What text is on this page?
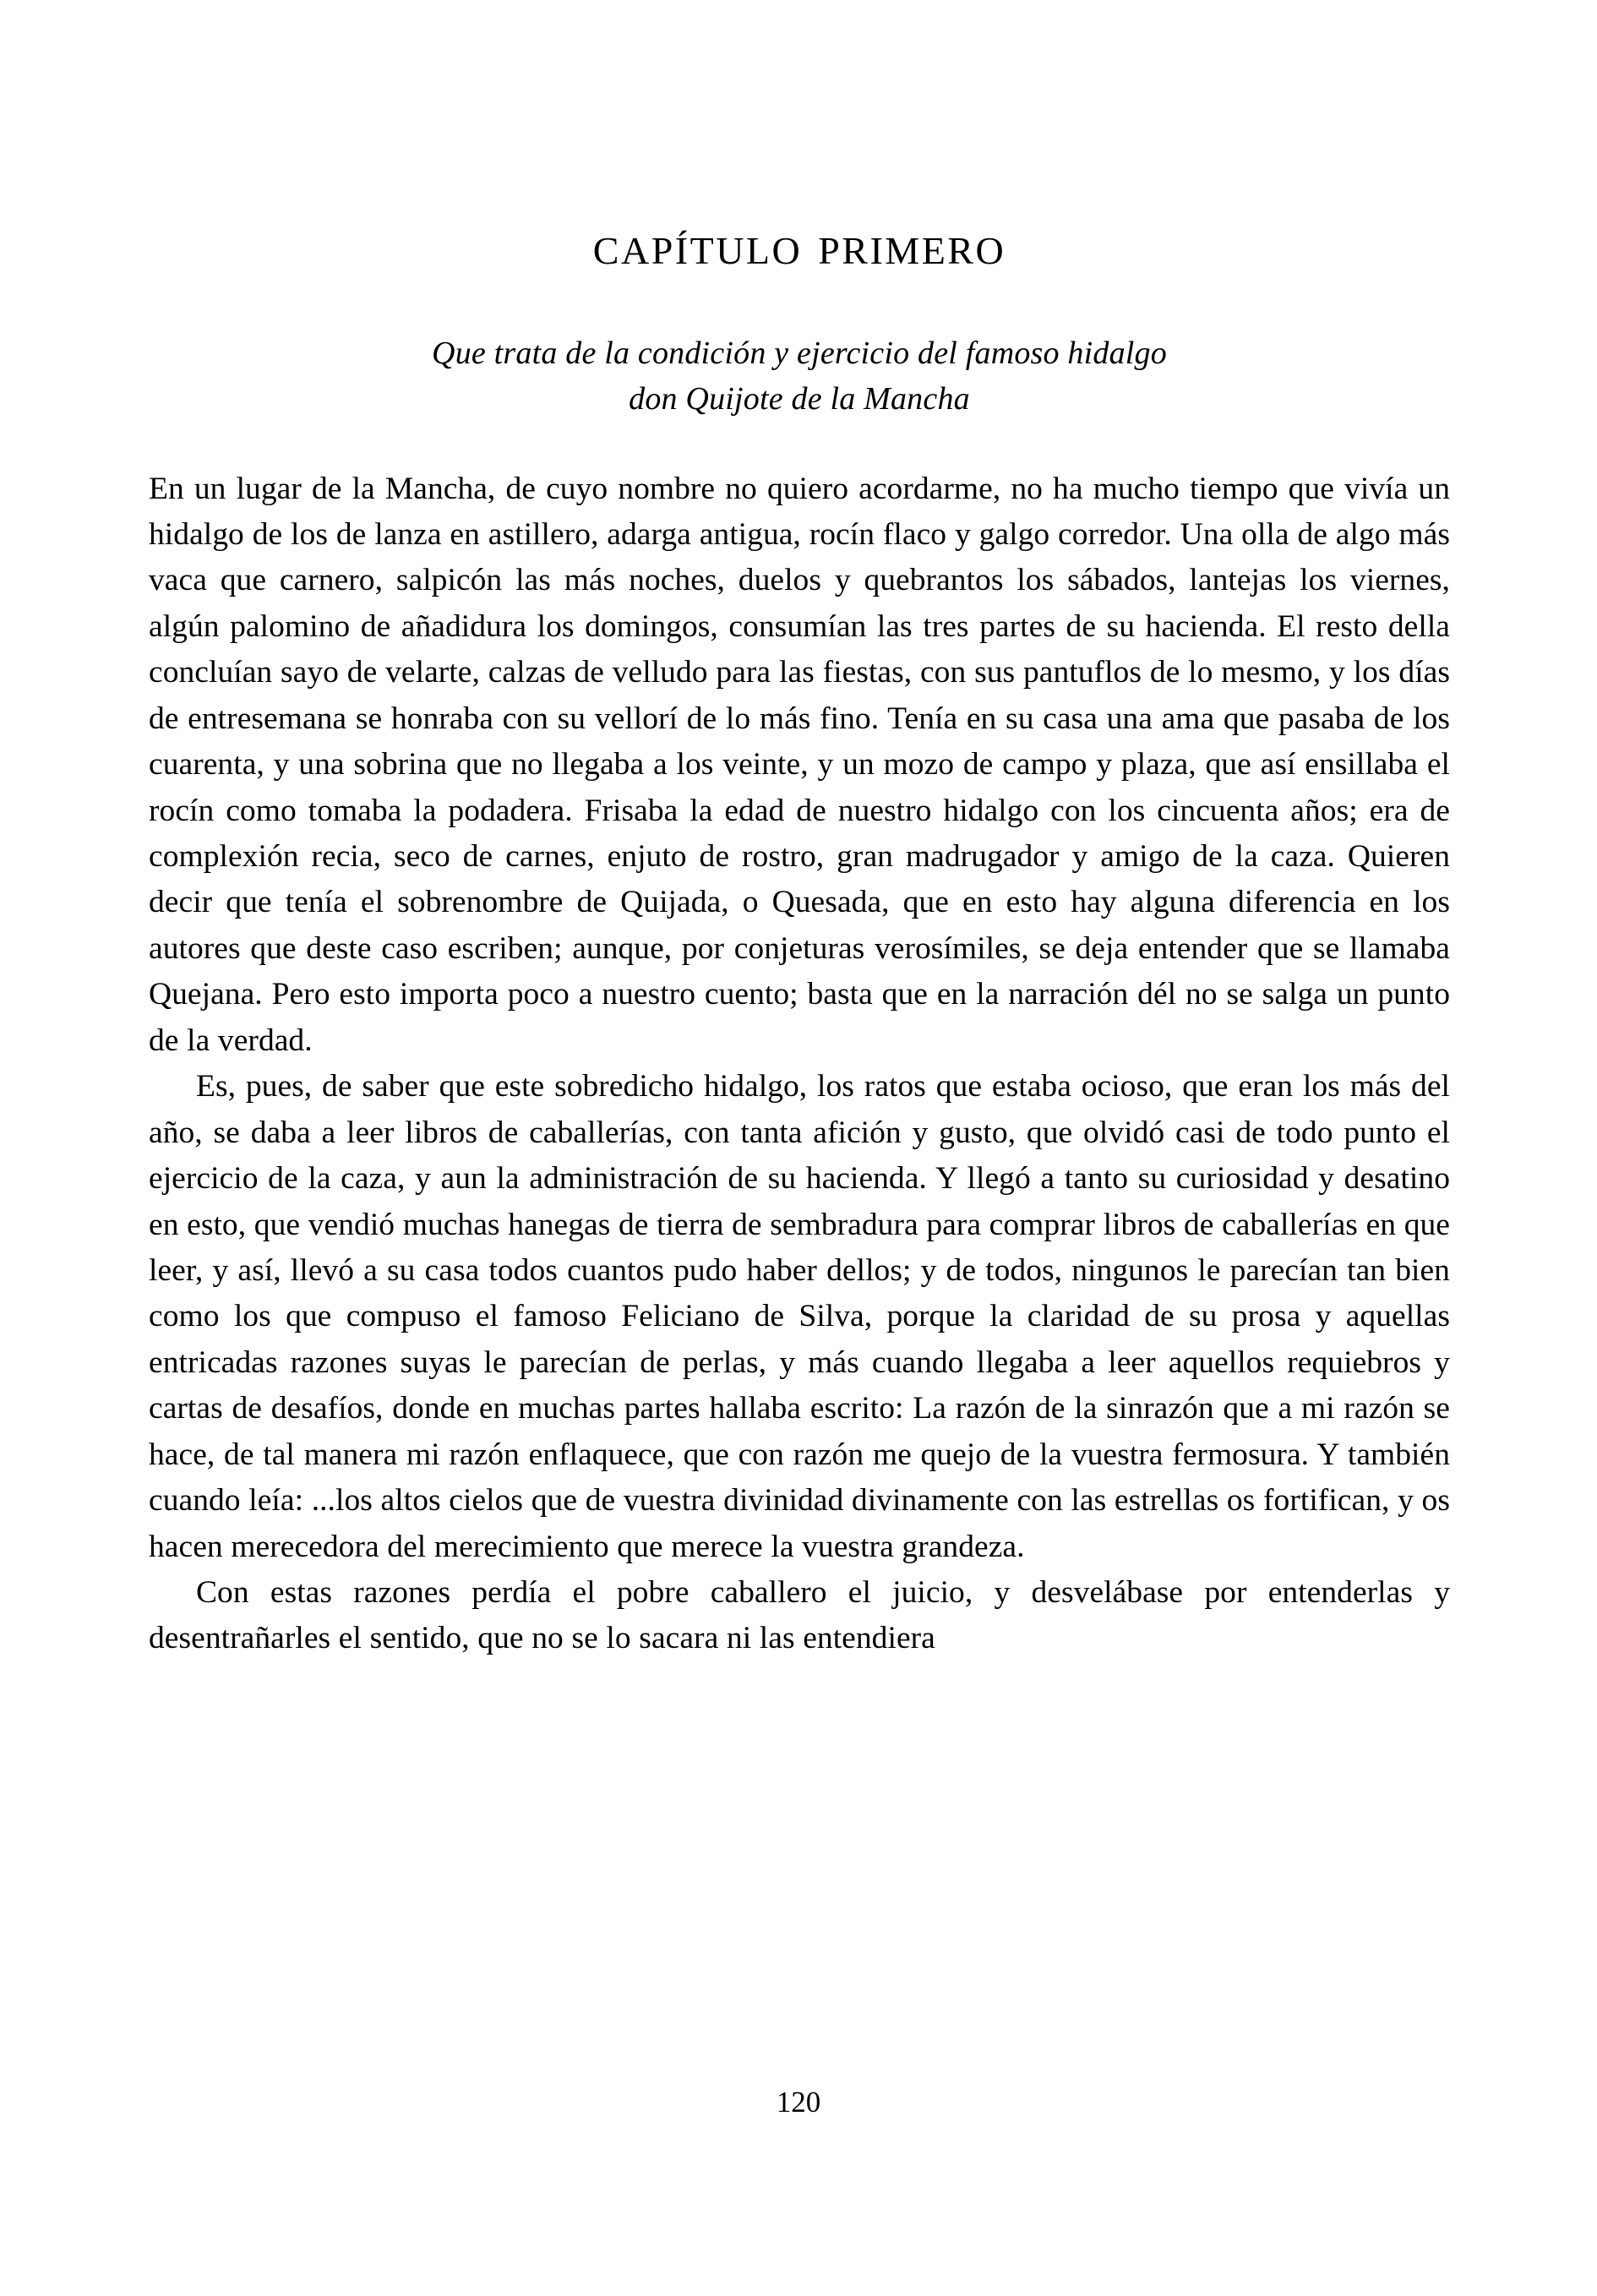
capítulo primero
Que trata de la condición y ejercicio del famoso hidalgo
don Quijote de la Mancha

En un lugar de la Mancha, de cuyo nombre no quiero acordarme, no ha mucho tiempo que vivía un hidalgo de los de lanza en astillero, adarga antigua, rocín flaco y galgo corredor. Una olla de algo más vaca que carnero, salpicón las más noches, duelos y quebrantos los sábados, lantejas los viernes, algún palomino de añadidura los domingos, consumían las tres partes de su hacienda. El resto della concluían sayo de velarte, calzas de velludo para las fiestas, con sus pantuflos de lo mesmo, y los días de entresemana se honraba con su vellorí de lo más fino. Tenía en su casa una ama que pasaba de los cuarenta, y una sobrina que no llegaba a los veinte, y un mozo de campo y plaza, que así ensillaba el rocín como tomaba la podadera. Frisaba la edad de nuestro hidalgo con los cincuenta años; era de complexión recia, seco de carnes, enjuto de rostro, gran madrugador y amigo de la caza. Quieren decir que tenía el sobrenombre de Quijada, o Quesada, que en esto hay alguna diferencia en los autores que deste caso escriben; aunque, por conjeturas verosímiles, se deja entender que se llamaba Quejana. Pero esto importa poco a nuestro cuento; basta que en la narración dél no se salga un punto de la verdad.

Es, pues, de saber que este sobredicho hidalgo, los ratos que estaba ocioso, que eran los más del año, se daba a leer libros de caballerías, con tanta afición y gusto, que olvidó casi de todo punto el ejercicio de la caza, y aun la administración de su hacienda. Y llegó a tanto su curiosidad y desatino en esto, que vendió muchas hanegas de tierra de sembradura para comprar libros de caballerías en que leer, y así, llevó a su casa todos cuantos pudo haber dellos; y de todos, ningunos le parecían tan bien como los que compuso el famoso Feliciano de Silva, porque la claridad de su prosa y aquellas entricadas razones suyas le parecían de perlas, y más cuando llegaba a leer aquellos requiebros y cartas de desafíos, donde en muchas partes hallaba escrito: La razón de la sinrazón que a mi razón se hace, de tal manera mi razón enflaquece, que con razón me quejo de la vuestra fermosura. Y también cuando leía: ...los altos cielos que de vuestra divinidad divinamente con las estrellas os fortifican, y os hacen merecedora del merecimiento que merece la vuestra grandeza.

Con estas razones perdía el pobre caballero el juicio, y desvelábase por entenderlas y desentrañarles el sentido, que no se lo sacara ni las entendiera

120
